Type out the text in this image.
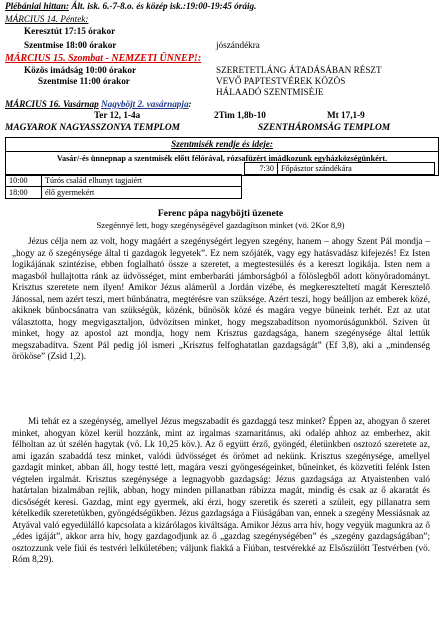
Plébániai hittan: Ált. isk. 6.-7-8.o. és közép isk.:19:00-19:45 óráig.
MÁRCIUS 14. Péntek:
Keresztút 17:15 órakor
Szentmise 18:00 órakor	jószándékra
MÁRCIUS 15. Szombat - NEMZETI ÜNNEP!:
Közös imádság 10:00 órakor	SZERETETLÁNG ÁTADÁSÁBAN RÉSZT
Szentmise 11:00 órakor	VEVŐ PAPTESTVÉREK KÖZÖS
HÁLAADÓ SZENTMISÉJE
MÁRCIUS 16. Vasárnap Nagyböjt 2. vasárnapja:
Ter 12, 1-4a	2Tim 1,8b-10	Mt 17,1-9
MAGYAROK NAGYASSZONYA TEMPLOM	SZENTHÁROMSÁG TEMPLOM
Szentmisék rendje és ideje:
Vasár/-és ünnepnap a szentmisék előtt félórával, rózsafüzért imádkozunk egyházközségünkért.
7:30	Főpásztor szándékára
10:00	Túrós család elhunyt tagjaiért
18:00	élő gyermekért
Ferenc pápa nagyböjti üzenete
Szegénnyé lett, hogy szegénységével gazdagítson minket (vö. 2Kor 8,9)

Jézus célja nem az volt, hogy magáért a szegénységért legyen szegény, hanem – ahogy Szent Pál mondja – „hogy az ő szegénysége által ti gazdagok legyetek”. Ez nem szójáték, vagy egy hatásvadász kifejezés! Ez Isten logikájának szintézise, ebben foglalható össze a szeretet, a megtestesülés és a kereszt logikája. Isten nem a magasból hullajtotta ránk az üdvösséget, mint emberbaráti jámborságból a fölöslegből adott könyöradományt. Krisztus szeretete nem ilyen! Amikor Jézus alámerül a Jordán vizébe, és megkereszteltetí magát Keresztelő Jánossal, nem azért teszi, mert bűnbánatra, megtérésre van szüksége. Azért teszi, hogy beálljon az emberek közé, akiknek bűnbocsánatra van szükségük, közénk, bűnösök közé és magára vegye bűneink terhét. Ezt az utat választotta, hogy megvigasztaljon, üdvözítsen minket, hogy megszabadítson nyomorúságunkból. Szíven üt minket, hogy az apostol azt mondja, hogy nem Krisztus gazdagsága, hanem szegénysége által lettük megszabadítva. Szent Pál pedig jól ismeri „Krisztus felfoghatatlan gazdagságát” (Ef 3,8), aki a „mindenség örököse” (Zsid 1,2).

Mi tehát ez a szegénység, amellyel Jézus megszabadít és gazdaggá tesz minket? Éppen az, ahogyan ő szeret minket, ahogyan közel kerül hozzánk, mint az irgalmas szamaritánus, aki odalép ahhoz az emberhez, akit félholtan az út szélén hagytak (vö. Lk 10,25 köv.). Az ő együtt érző, gyöngéd, életünkben osztozó szeretete az, ami igazán szabaddá tesz minket, valódi üdvösséget és örömet ad nekünk. Krisztus szegénysége, amellyel gazdagít minket, abban áll, hogy testté lett, magára veszi gyöngeségeinket, bűneinket, és közvetíti felénk Isten végtelen irgalmát. Krisztus szegénysége a legnagyobb gazdagság: Jézus gazdagsága az Atyaistenben való határtalan bizalmában rejlik, abban, hogy minden pillanatban rábízza magát, mindig és csak az ő akaratát és dicsőségét keresi. Gazdag, mint egy gyermek, aki érzi, hogy szeretik és szereti a szüleit, egy pillanatra sem kételkedik szeretetükben, gyöngédségükben. Jézus gazdagsága a Fiúságában van, ennek a szegény Messiásnak az Atyával való egyedülálló kapcsolata a kizárólagos kiváltsága. Amikor Jézus arra hív, hogy vegyük magunkra az ő „édes igáját”, akkor arra hív, hogy gazdagodjunk az ő „gazdag szegénységében” és „szegény gazdagságában”; osztozzunk vele fiúi és testvéri lelkületében; váljunk fiakká a Fiúban, testvérekké az Elsőszülött Testvérben (vö. Róm 8,29).
